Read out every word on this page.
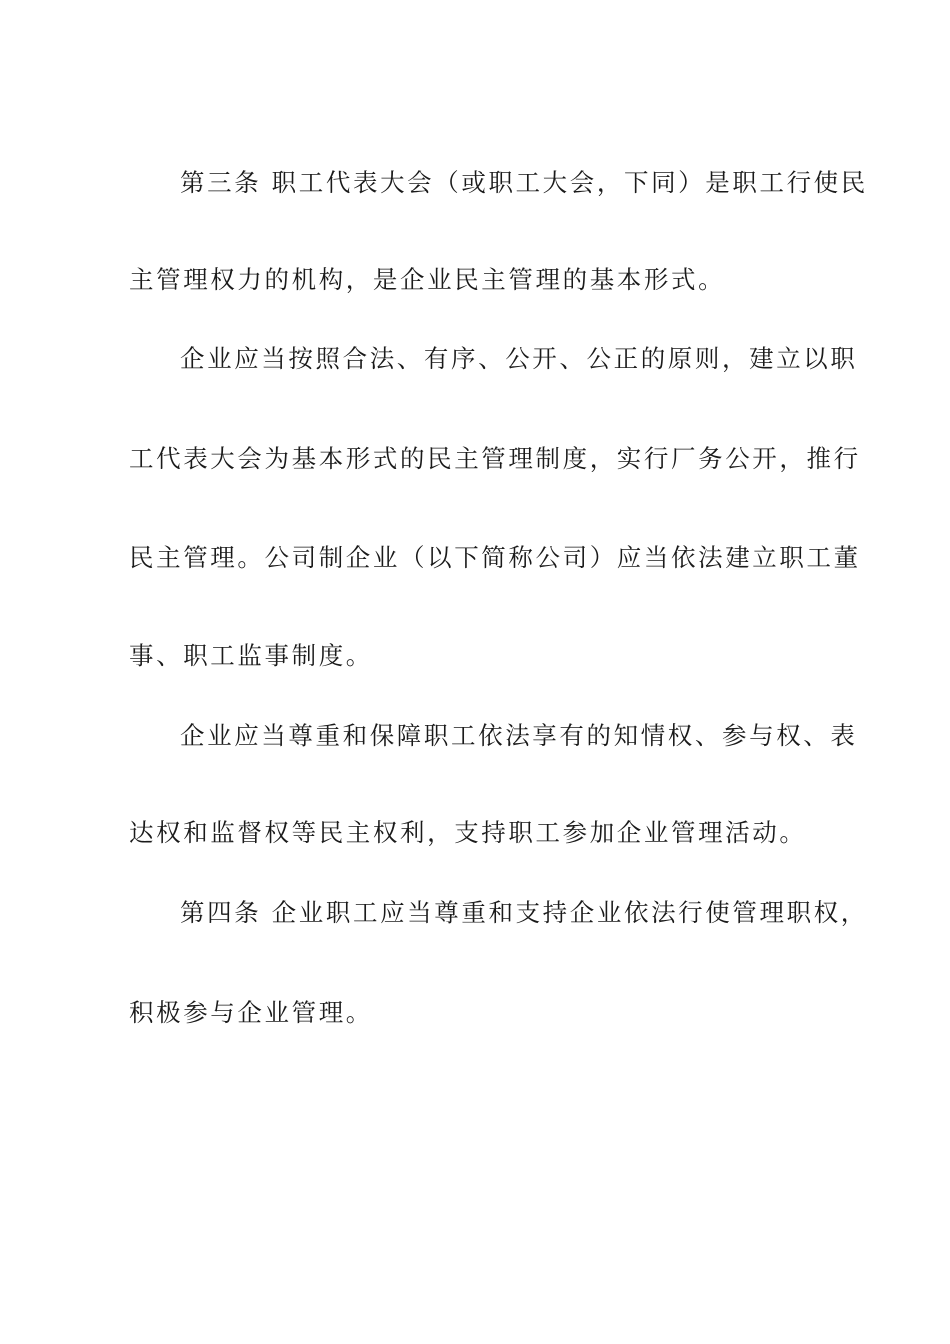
第三条 职工代表大会（或职工大会，下同）是职工行使民
主管理权力的机构，是企业民主管理的基本形式。
企业应当按照合法、有序、公开、公正的原则，建立以职
工代表大会为基本形式的民主管理制度，实行厂务公开，推行
民主管理。公司制企业（以下简称公司）应当依法建立职工董
事、职工监事制度。
企业应当尊重和保障职工依法享有的知情权、参与权、表
达权和监督权等民主权利，支持职工参加企业管理活动。
第四条 企业职工应当尊重和支持企业依法行使管理职权，
积极参与企业管理。
